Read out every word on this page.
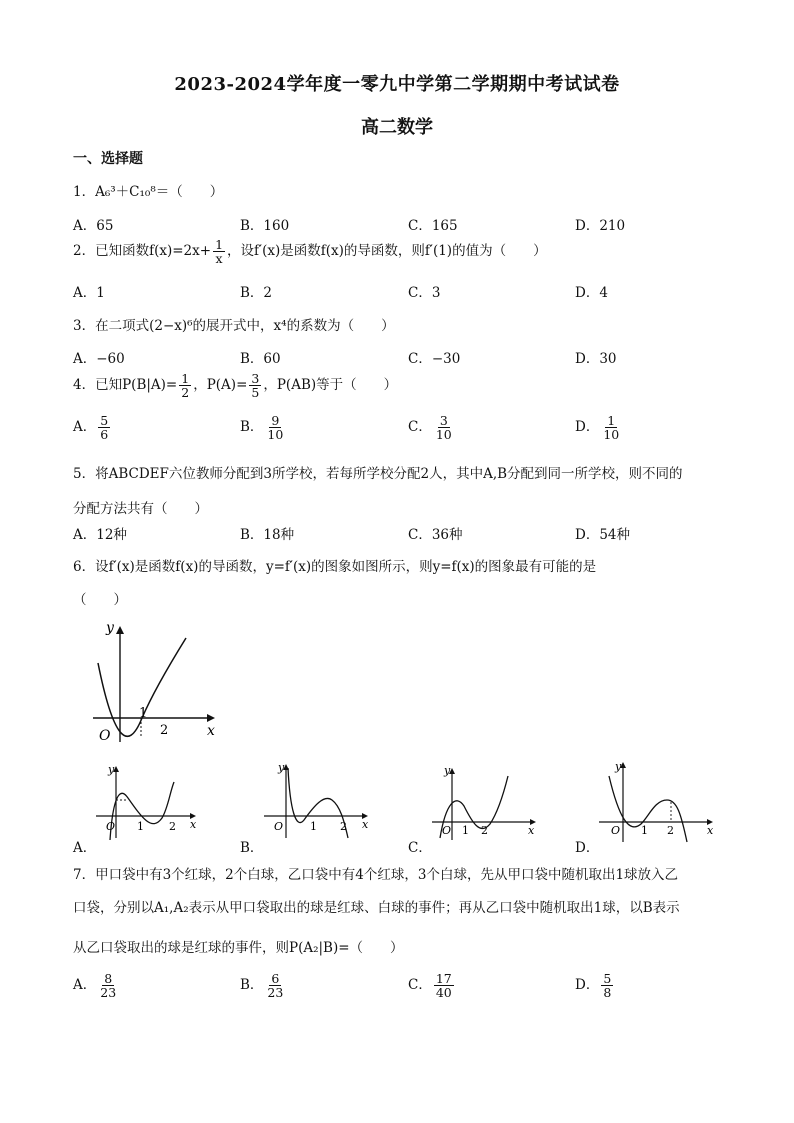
2023-2024学年度一零九中学第二学期期中考试试卷
高二数学
一、选择题
1．A₆³＋C₁₀⁸＝（　　）
A．65	B．160	C．165	D．210
2．已知函数$f(x)=2x+ \frac{1}{x}$ ，设f′(x)是函数f(x)的导函数，则f′(1)的值为（　　）
A．1	B．2	C．3	D．4
3．在二项式(2−x)⁶的展开式中，x⁴的系数为（　　）
A．−60	B．60	C．−30	D．30
4．已知$P(B|A)= \frac{1}{2}$ ，$P(A)= \frac{3}{5}$ ，P(AB)等于（　　）
A． $\frac{5}{6}$	B． $\frac{9}{10}$	C． $\frac{3}{10}$	D． $\frac{1}{10}$
5．将ABCDEF六位教师分配到3所学校，若每所学校分配2人，其中A,B分配到同一所学校，则不同的
分配方法共有（　　）
A．12种	B．18种	C．36种	D．54种
6．设f′(x)是函数f(x)的导函数，y=f′(x)的图象如图所示，则y=f(x)的图象最有可能的是
（　　）
y
x
O
1
2
A．
y
x
O 1 2
B．
y
x
O 1 2
C．
y
x
O 1 2
D．
y
x
O 1 2
7．甲口袋中有3个红球，2个白球，乙口袋中有4个红球，3个白球，先从甲口袋中随机取出1球放入乙
口袋，分别以A₁,A₂表示从甲口袋取出的球是红球、白球的事件；再从乙口袋中随机取出1球，以B表示
从乙口袋取出的球是红球的事件，则P(A₂|B)=（　　）
A． $\frac{8}{23}$	B． $\frac{6}{23}$	C． $\frac{17}{40}$	D． $\frac{5}{8}$
